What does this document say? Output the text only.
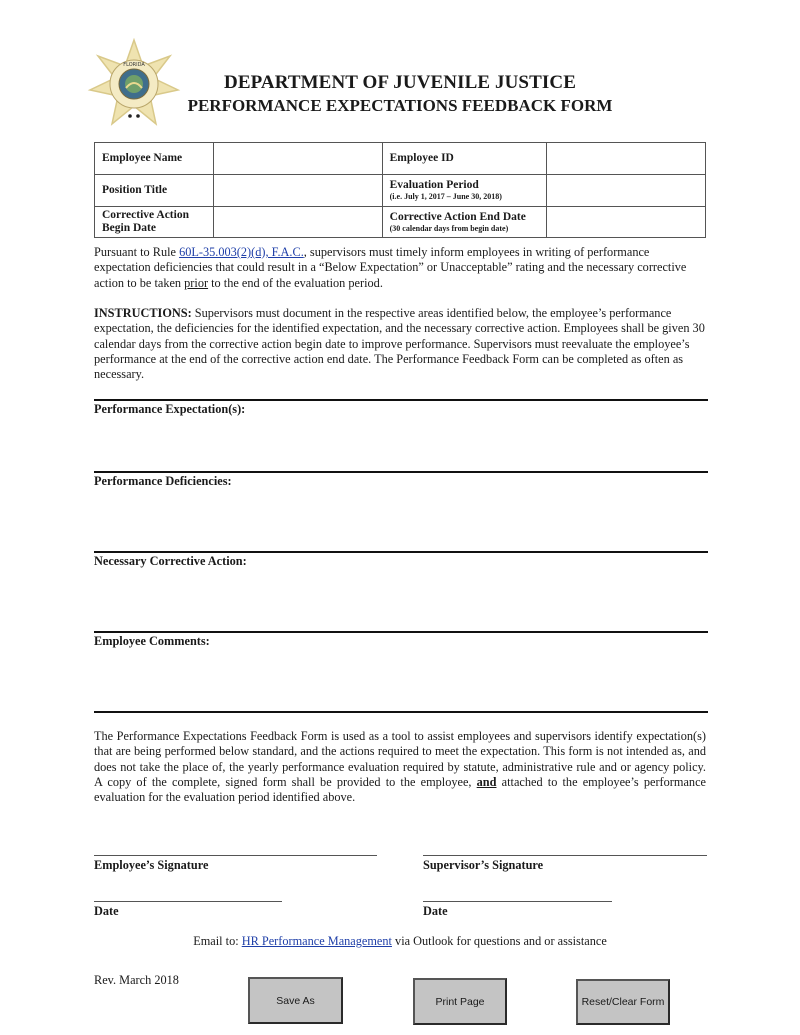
FLORIDA
DEPARTMENT OF JUVENILE JUSTICE
PERFORMANCE EXPECTATIONS FEEDBACK FORM
Employee Name		Employee ID	
Position Title		Evaluation Period
(i.e. July 1, 2017 – June 30, 2018)

Corrective Action
Begin Date		Corrective Action End Date
(30 calendar days from begin date)

Pursuant to Rule 60L-35.003(2)(d), F.A.C., supervisors must timely inform employees in writing of performance expectation deficiencies that could result in a “Below Expectation” or Unacceptable” rating and the necessary corrective action to be taken prior to the end of the evaluation period.
INSTRUCTIONS: Supervisors must document in the respective areas identified below, the employee’s performance expectation, the deficiencies for the identified expectation, and the necessary corrective action. Employees shall be given 30 calendar days from the corrective action begin date to improve performance. Supervisors must reevaluate the employee’s performance at the end of the corrective action end date. The Performance Feedback Form can be completed as often as necessary.
Performance Expectation(s):
Performance Deficiencies:
Necessary Corrective Action:
Employee Comments:
The Performance Expectations Feedback Form is used as a tool to assist employees and supervisors identify expectation(s) that are being performed below standard, and the actions required to meet the expectation. This form is not intended as, and does not take the place of, the yearly performance evaluation required by statute, administrative rule and or agency policy. A copy of the complete, signed form shall be provided to the employee, and attached to the employee’s performance evaluation for the evaluation period identified above.
Employee’s Signature	Supervisor’s Signature
Date	Date
Email to: HR Performance Management via Outlook for questions and or assistance
Rev. March 2018
Save As	Print Page	Reset/Clear Form
